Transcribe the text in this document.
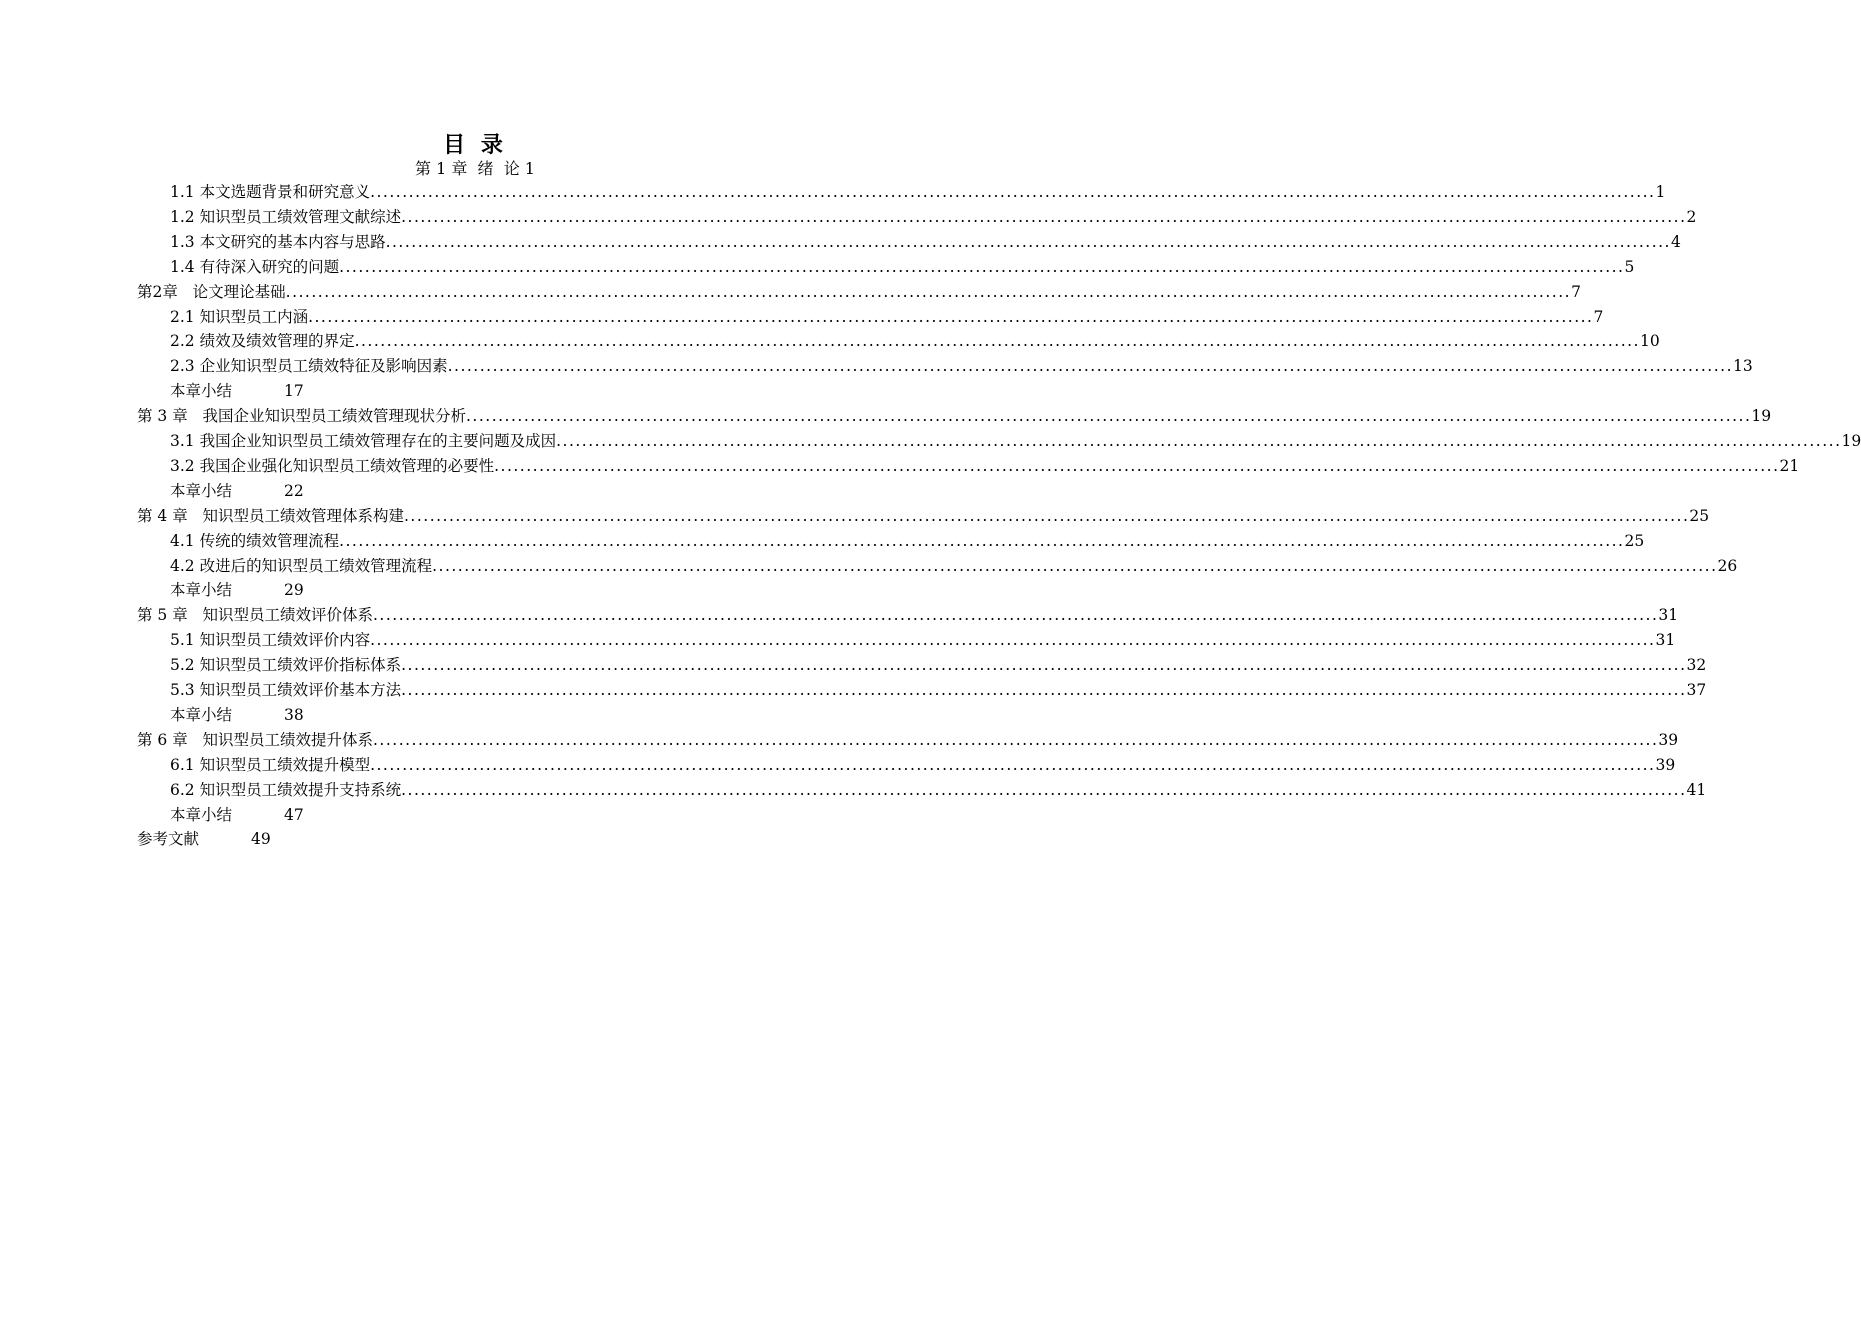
目 录
第 1 章  绪  论 1
1.1 本文选题背景和研究意义 ........................................................................................................................................................................................................ 1
1.2 知识型员工绩效管理文献综述 ........................................................................................................................................................................................................ 2
1.3 本文研究的基本内容与思路 ........................................................................................................................................................................................................ 4
1.4 有待深入研究的问题 ........................................................................................................................................................................................................ 5
第2章   论文理论基础 ........................................................................................................................................................................................................ 7
2.1 知识型员工内涵 ........................................................................................................................................................................................................ 7
2.2 绩效及绩效管理的界定 ........................................................................................................................................................................................................ 10
2.3 企业知识型员工绩效特征及影响因素 ........................................................................................................................................................................................................ 13
本章小结	17
第 3 章   我国企业知识型员工绩效管理现状分析 ........................................................................................................................................................................................................ 19
3.1 我国企业知识型员工绩效管理存在的主要问题及成因 ........................................................................................................................................................................................................ 19
3.2 我国企业强化知识型员工绩效管理的必要性 ........................................................................................................................................................................................................ 21
本章小结	22
第 4 章   知识型员工绩效管理体系构建 ........................................................................................................................................................................................................ 25
4.1 传统的绩效管理流程 ........................................................................................................................................................................................................ 25
4.2 改进后的知识型员工绩效管理流程 ........................................................................................................................................................................................................ 26
本章小结	29
第 5 章   知识型员工绩效评价体系 ........................................................................................................................................................................................................ 31
5.1 知识型员工绩效评价内容 ........................................................................................................................................................................................................ 31
5.2 知识型员工绩效评价指标体系 ........................................................................................................................................................................................................ 32
5.3 知识型员工绩效评价基本方法 ........................................................................................................................................................................................................ 37
本章小结	38
第 6 章   知识型员工绩效提升体系 ........................................................................................................................................................................................................ 39
6.1 知识型员工绩效提升模型 ........................................................................................................................................................................................................ 39
6.2 知识型员工绩效提升支持系统 ........................................................................................................................................................................................................ 41
本章小结	47
参考文献	49
